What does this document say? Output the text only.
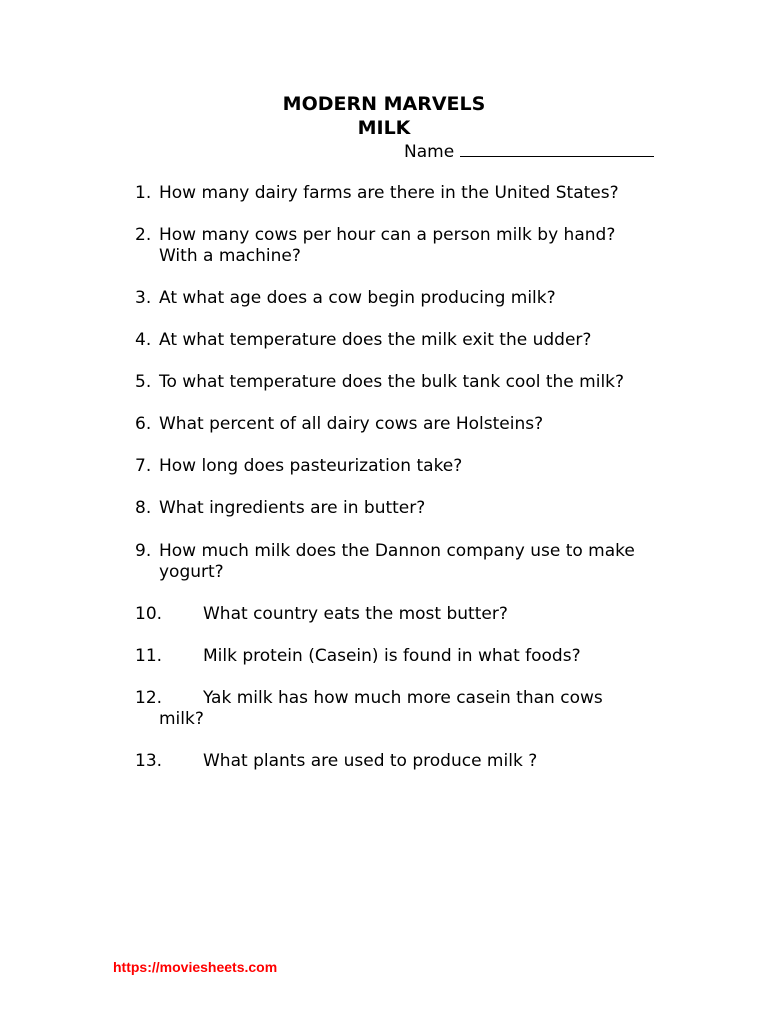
MODERN MARVELS
MILK
Name
1. How many dairy farms are there in the United States?
2. How many cows per hour can a person milk by hand?
With a machine?
3. At what age does a cow begin producing milk?
4. At what temperature does the milk exit the udder?
5. To what temperature does the bulk tank cool the milk?
6. What percent of all dairy cows are Holsteins?
7. How long does pasteurization take?
8. What ingredients are in butter?
9. How much milk does the Dannon company use to make
yogurt?
10. What country eats the most butter?
11. Milk protein (Casein) is found in what foods?
12. Yak milk has how much more casein than cows
milk?
13. What plants are used to produce milk ?
https://moviesheets.com
